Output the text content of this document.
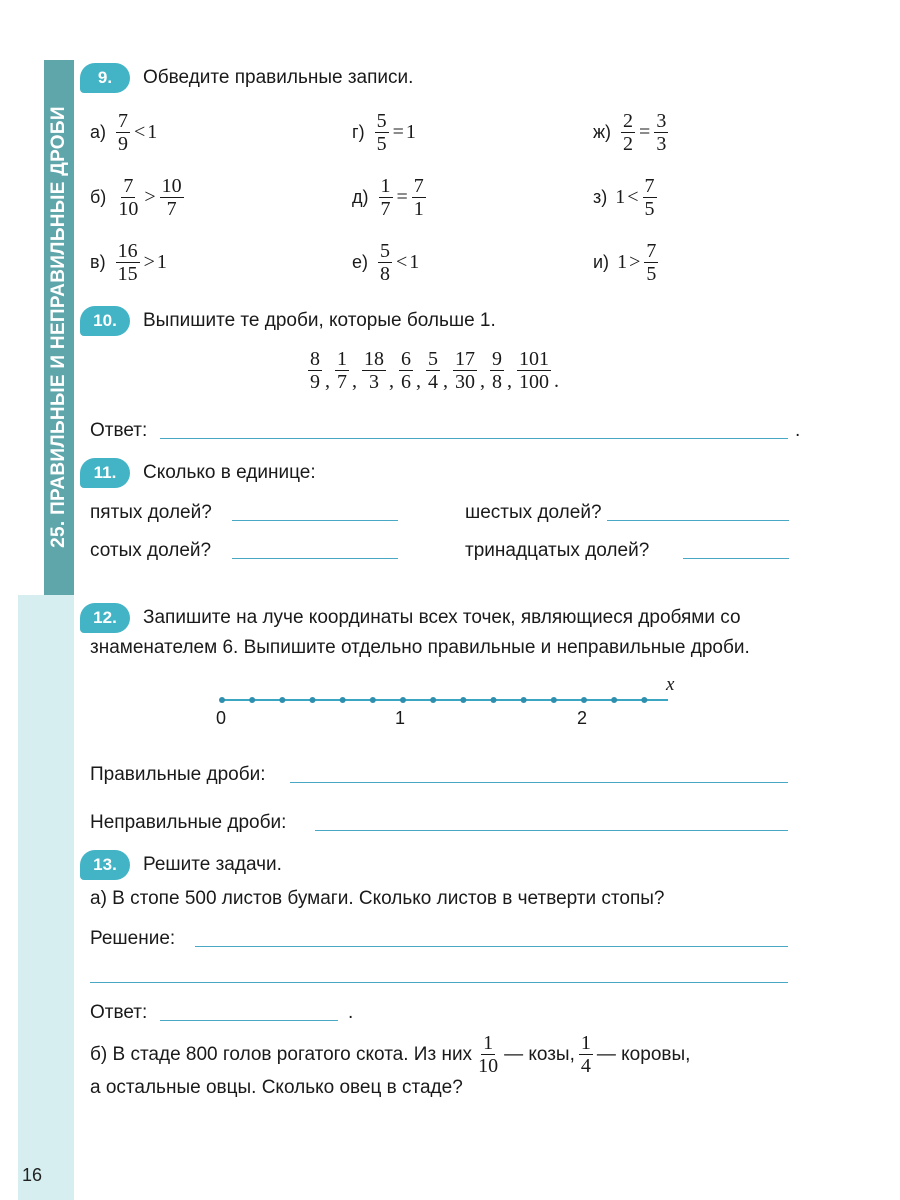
25. ПРАВИЛЬНЫЕ И НЕПРАВИЛЬНЫЕ ДРОБИ
16
9.	Обведите правильные записи.
$а) \frac{7}{9} < 1$	$г) \frac{5}{5} = 1$	$ж) \frac{2}{2} = \frac{3}{3}$
$б) \frac{7}{10} > \frac{10}{7}$	$д) \frac{1}{7} = \frac{7}{1}$	з) $1 < \frac{7}{5}$
$в) \frac{16}{15} > 1$	$е) \frac{5}{8} < 1$	и) $1 > \frac{7}{5}$
10.	Выпишите те дроби, которые больше 1.
$\frac{8}{9}$ , $\frac{1}{7}$ , $\frac{18}{3}$ , $\frac{6}{6}$ , $\frac{5}{4}$ , $\frac{17}{30}$ , $\frac{9}{8}$ , $\frac{101}{100}$ .
Ответ:	.
11.	Сколько в единице:
пятых долей?	шестых долей?
сотых долей?	тринадцатых долей?
12.	Запишите на луче координаты всех точек, являющиеся дробями со
знаменателем 6. Выпишите отдельно правильные и неправильные дроби.
x
0	1	2
Правильные дроби:
Неправильные дроби:
13.	Решите задачи.
а) В стопе 500 листов бумаги. Сколько листов в четверти стопы?
Решение:
Ответ:	.
б) В стаде 800 голов рогатого скота. Из них $\frac{1}{10}$ — козы, $\frac{1}{4}$ — коровы,
а остальные овцы. Сколько овец в стаде?
